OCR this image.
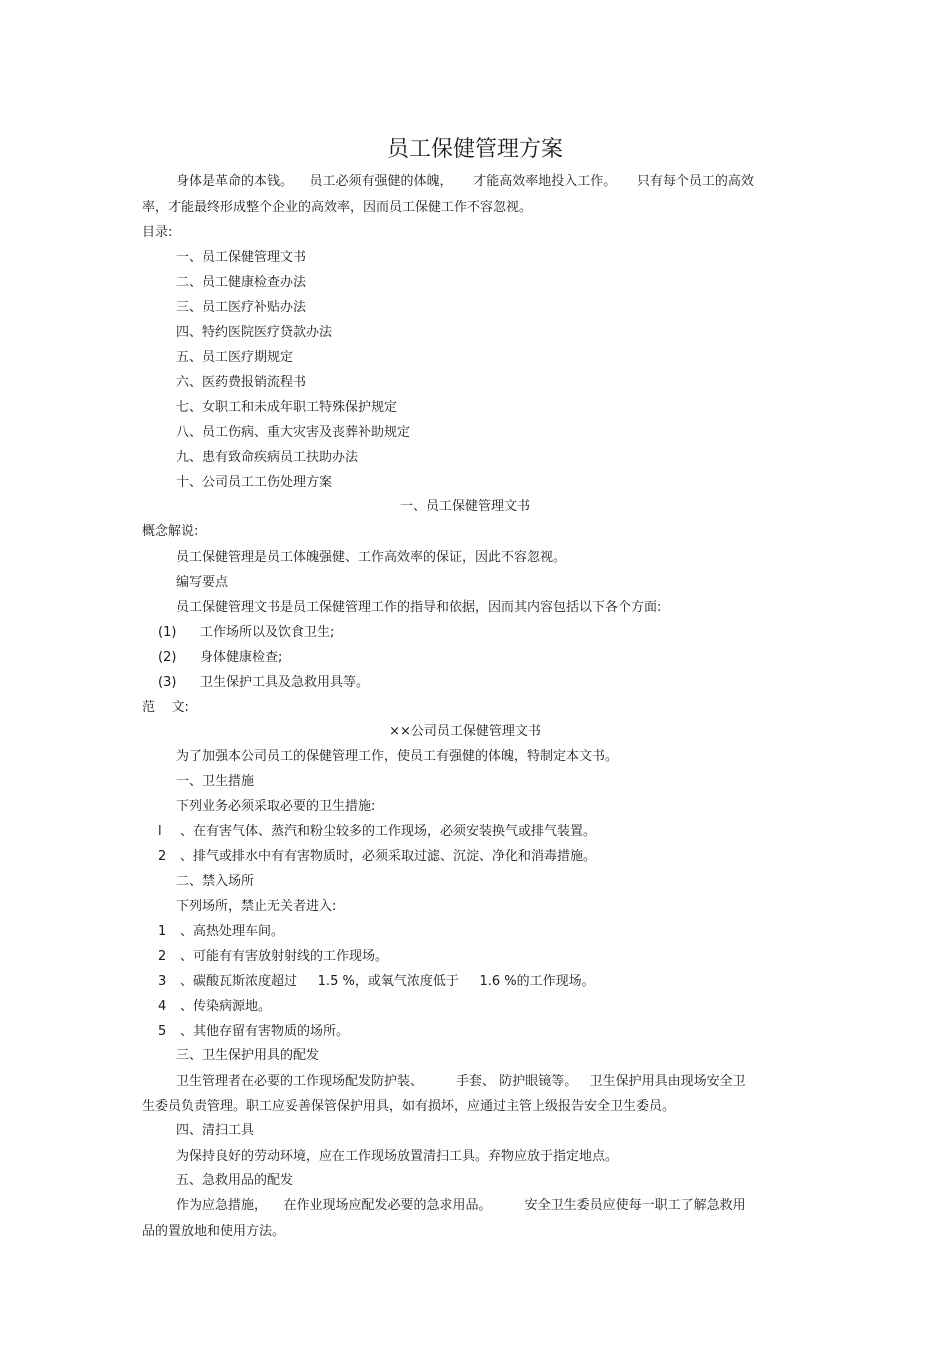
员工保健管理方案
身体是革命的本钱。    员工必须有强健的体魄，     才能高效率地投入工作。     只有每个员工的高效
率，才能最终形成整个企业的高效率，因而员工保健工作不容忽视。
目录:
一、员工保健管理文书
二、员工健康检查办法
三、员工医疗补贴办法
四、特约医院医疗贷款办法
五、员工医疗期规定
六、医药费报销流程书
七、女职工和未成年职工特殊保护规定
八、员工伤病、重大灾害及丧葬补助规定
九、患有致命疾病员工扶助办法
十、公司员工工伤处理方案
一、员工保健管理文书
概念解说:
员工保健管理是员工体魄强健、工作高效率的保证，因此不容忽视。
编写要点
员工保健管理文书是员工保健管理工作的指导和依据，因而其内容包括以下各个方面:
(1) 工作场所以及饮食卫生;
(2) 身体健康检查;
(3) 卫生保护工具及急救用具等。
范    文:
××公司员工保健管理文书
为了加强本公司员工的保健管理工作，使员工有强健的体魄，特制定本文书。
一、卫生措施
下列业务必须采取必要的卫生措施:
l 、在有害气体、蒸汽和粉尘较多的工作现场，必须安装换气或排气装置。
2 、排气或排水中有有害物质时，必须采取过滤、沉淀、净化和消毒措施。
二、禁入场所
下列场所，禁止无关者进入:
1 、高热处理车间。
2 、可能有有害放射射线的工作现场。
3 、碳酸瓦斯浓度超过     1.5 %，或氧气浓度低于     1.6 %的工作现场。
4 、传染病源地。
5 、其他存留有害物质的场所。
三、卫生保护用具的配发
卫生管理者在必要的工作现场配发防护装、        手套、 防护眼镜等。   卫生保护用具由现场安全卫
生委员负责管理。职工应妥善保管保护用具，如有损坏，应通过主管上级报告安全卫生委员。
四、清扫工具
为保持良好的劳动环境，应在工作现场放置清扫工具。弃物应放于指定地点。
五、急救用品的配发
作为应急措施，    在作业现场应配发必要的急求用品。        安全卫生委员应使每一职工了解急救用
品的置放地和使用方法。
